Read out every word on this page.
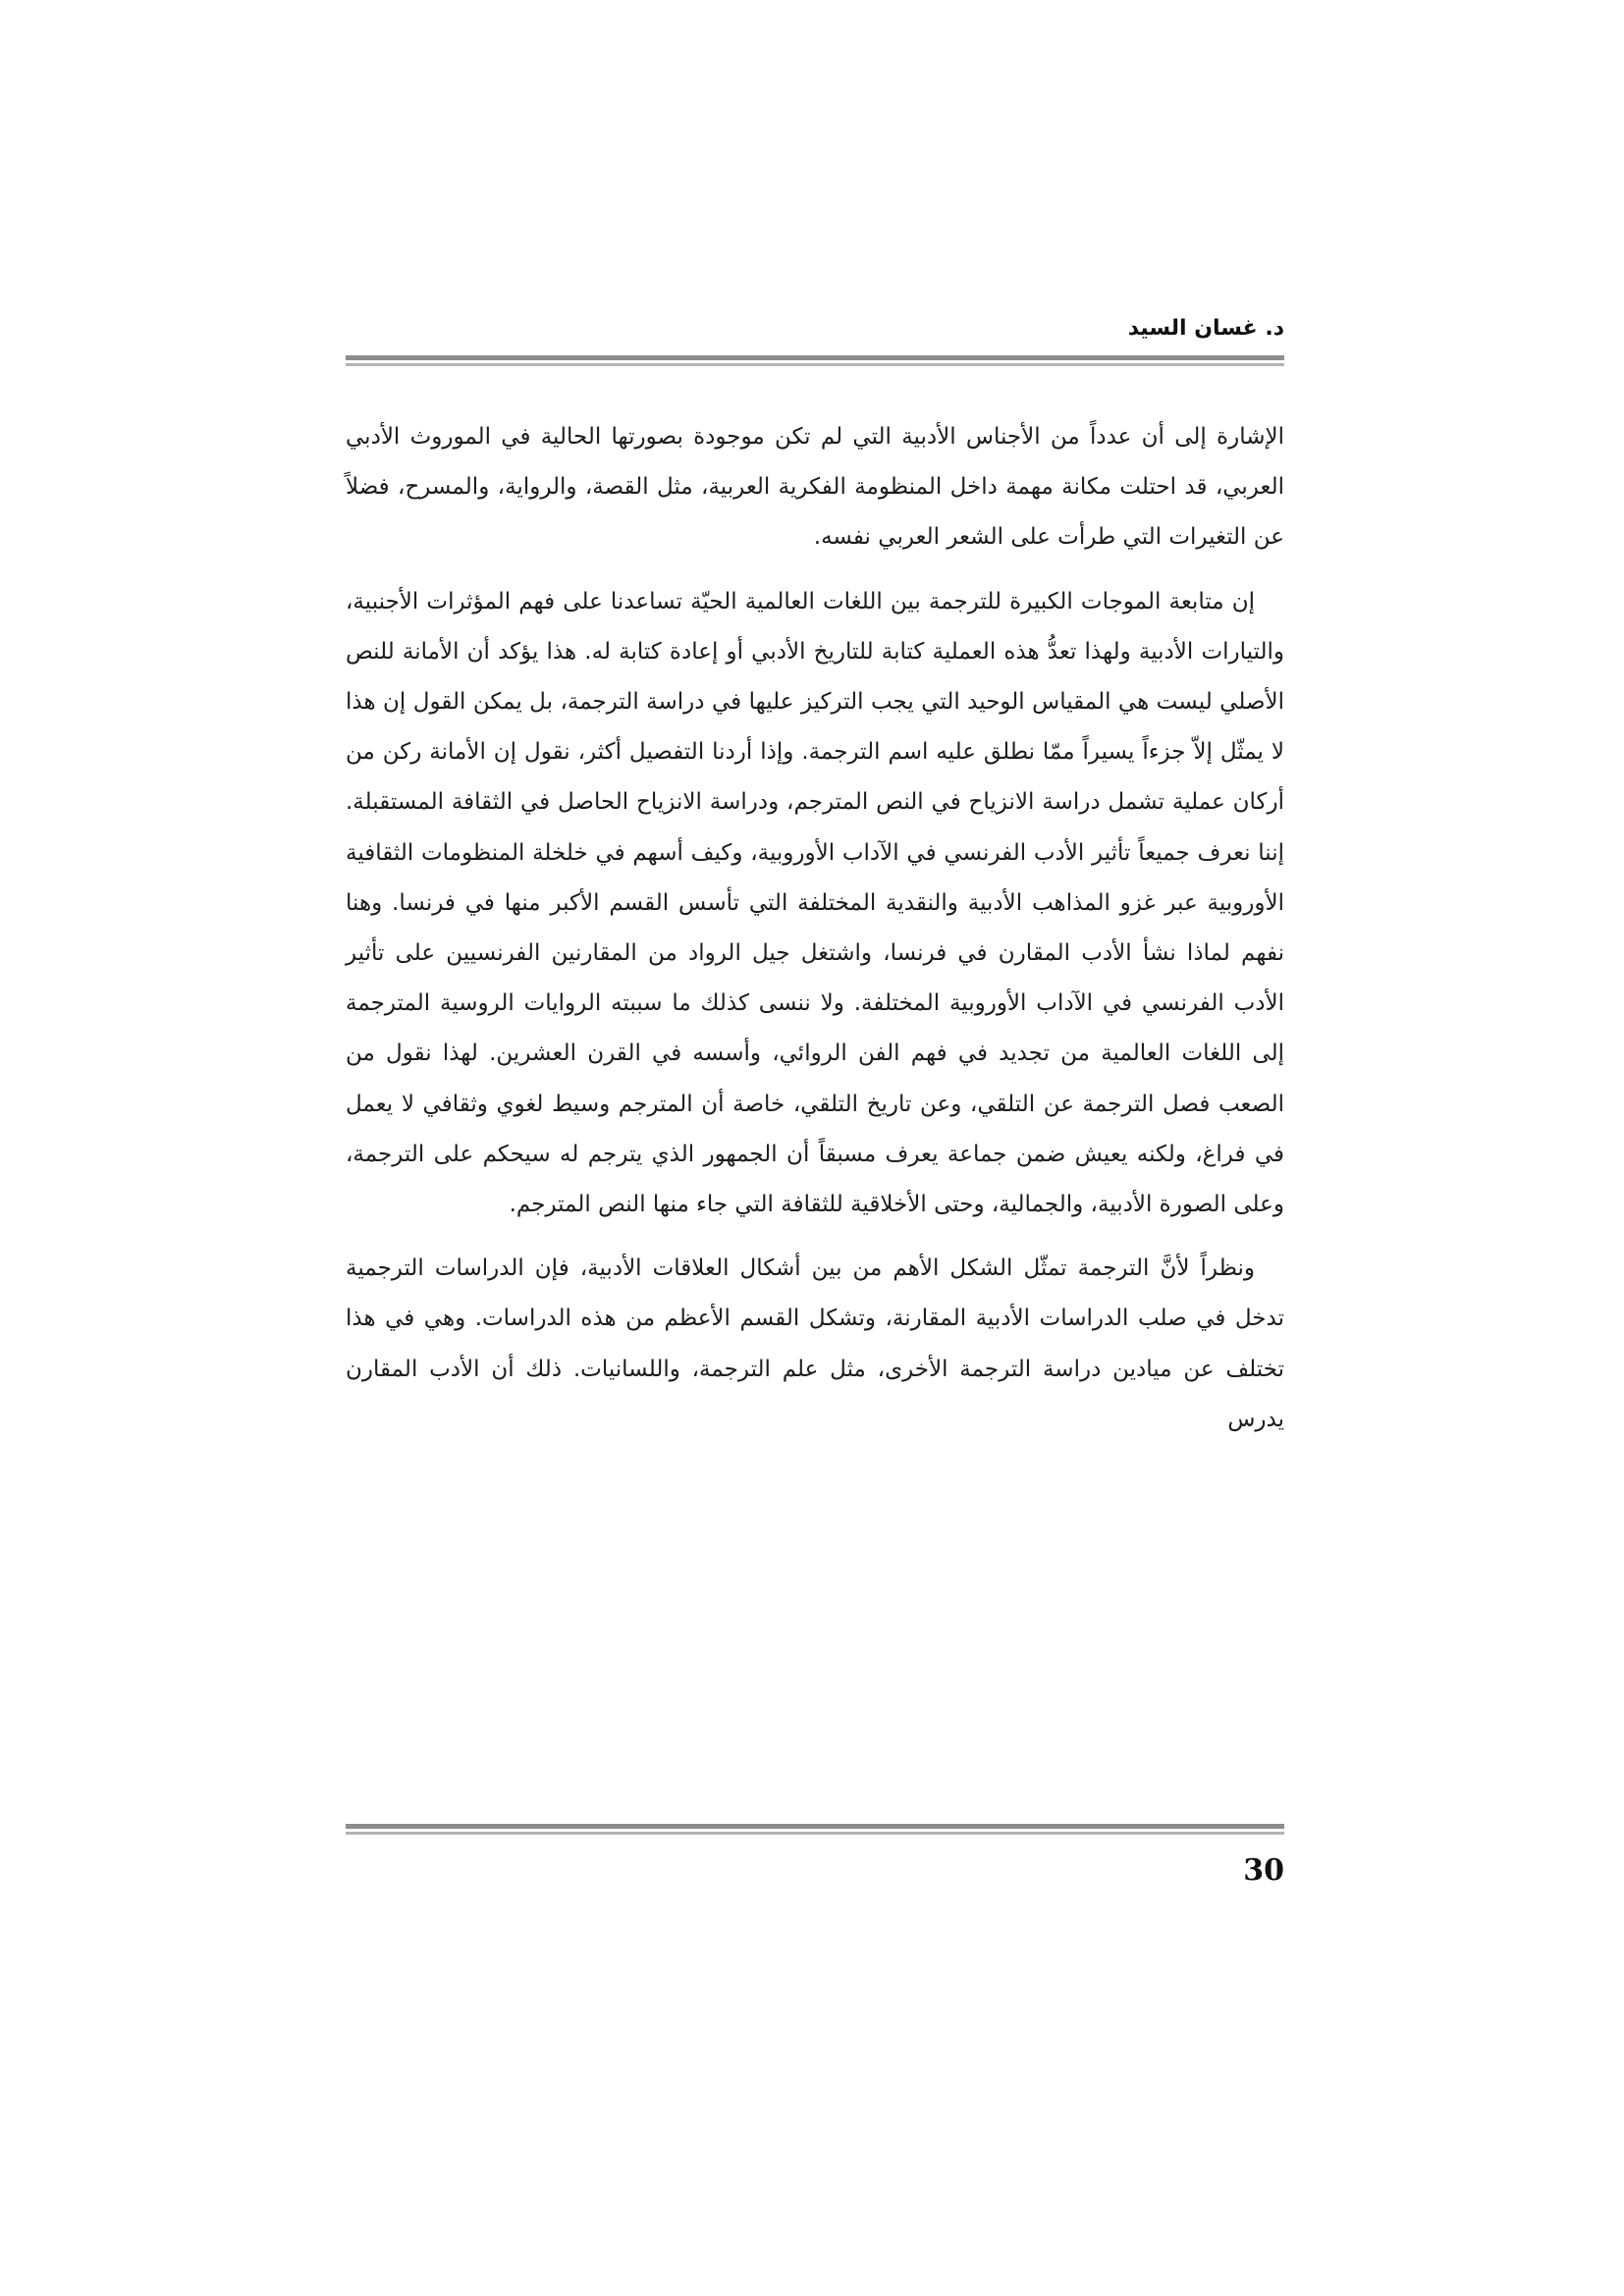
د. غسان السيد

الإشارة إلى أن عدداً من الأجناس الأدبية التي لم تكن موجودة بصورتها الحالية في الموروث الأدبي العربي، قد احتلت مكانة مهمة داخل المنظومة الفكرية العربية، مثل القصة، والرواية، والمسرح، فضلاً عن التغيرات التي طرأت على الشعر العربي نفسه.

إن متابعة الموجات الكبيرة للترجمة بين اللغات العالمية الحيّة تساعدنا على فهم المؤثرات الأجنبية، والتيارات الأدبية ولهذا تعدُّ هذه العملية كتابة للتاريخ الأدبي أو إعادة كتابة له. هذا يؤكد أن الأمانة للنص الأصلي ليست هي المقياس الوحيد التي يجب التركيز عليها في دراسة الترجمة، بل يمكن القول إن هذا لا يمثّل إلاّ جزءاً يسيراً ممّا نطلق عليه اسم الترجمة. وإذا أردنا التفصيل أكثر، نقول إن الأمانة ركن من أركان عملية تشمل دراسة الانزياح في النص المترجم، ودراسة الانزياح الحاصل في الثقافة المستقبلة. إننا نعرف جميعاً تأثير الأدب الفرنسي في الآداب الأوروبية، وكيف أسهم في خلخلة المنظومات الثقافية الأوروبية عبر غزو المذاهب الأدبية والنقدية المختلفة التي تأسس القسم الأكبر منها في فرنسا. وهنا نفهم لماذا نشأ الأدب المقارن في فرنسا، واشتغل جيل الرواد من المقارنين الفرنسيين على تأثير الأدب الفرنسي في الآداب الأوروبية المختلفة. ولا ننسى كذلك ما سببته الروايات الروسية المترجمة إلى اللغات العالمية من تجديد في فهم الفن الروائي، وأسسه في القرن العشرين. لهذا نقول من الصعب فصل الترجمة عن التلقي، وعن تاريخ التلقي، خاصة أن المترجم وسيط لغوي وثقافي لا يعمل في فراغ، ولكنه يعيش ضمن جماعة يعرف مسبقاً أن الجمهور الذي يترجم له سيحكم على الترجمة، وعلى الصورة الأدبية، والجمالية، وحتى الأخلاقية للثقافة التي جاء منها النص المترجم.

ونظراً لأنَّ الترجمة تمثّل الشكل الأهم من بين أشكال العلاقات الأدبية، فإن الدراسات الترجمية تدخل في صلب الدراسات الأدبية المقارنة، وتشكل القسم الأعظم من هذه الدراسات. وهي في هذا تختلف عن ميادين دراسة الترجمة الأخرى، مثل علم الترجمة، واللسانيات. ذلك أن الأدب المقارن يدرس

30
